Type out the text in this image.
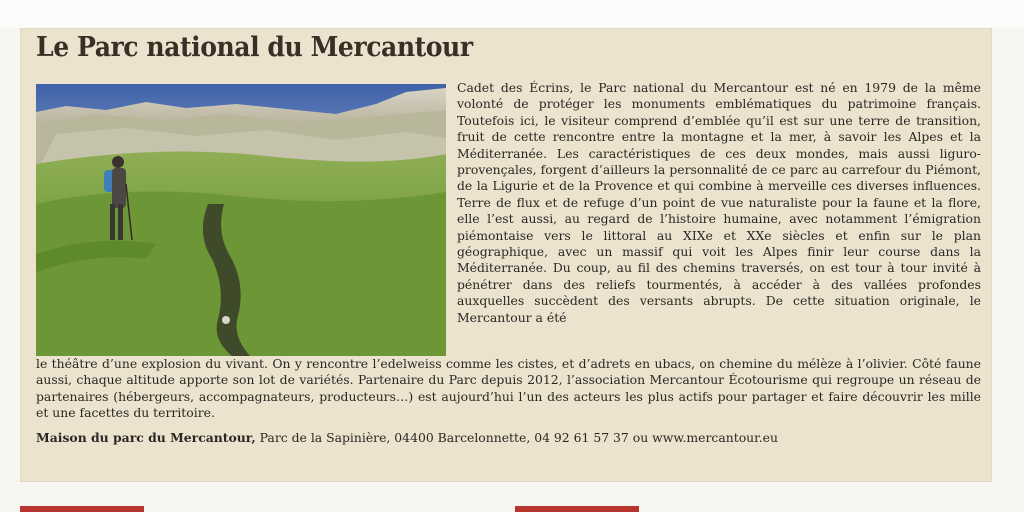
Le Parc national du Mercantour

Cadet des Écrins, le Parc national du Mercantour est né en 1979 de la même volonté de protéger les monuments emblématiques du patrimoine français. Toutefois ici, le visiteur comprend d’emblée qu’il est sur une terre de transition, fruit de cette rencontre entre la montagne et la mer, à savoir les Alpes et la Méditerranée. Les caractéristiques de ces deux mondes, mais aussi liguro-provençales, forgent d’ailleurs la personnalité de ce parc au carrefour du Piémont, de la Ligurie et de la Provence et qui combine à merveille ces diverses influences. Terre de flux et de refuge d’un point de vue naturaliste pour la faune et la flore, elle l’est aussi, au regard de l’histoire humaine, avec notamment l’émigration piémontaise vers le littoral au XIXe et XXe siècles et enfin sur le plan géographique, avec un massif qui voit les Alpes finir leur course dans la Méditerranée. Du coup, au fil des chemins traversés, on est tour à tour invité à pénétrer dans des reliefs tourmentés, à accéder à des vallées profondes auxquelles succèdent des versants abrupts. De cette situation originale, le Mercantour a été

le théâtre d’une explosion du vivant. On y rencontre l’edelweiss comme les cistes, et d’adrets en ubacs, on chemine du mélèze à l’olivier. Côté faune aussi, chaque altitude apporte son lot de variétés. Partenaire du Parc depuis 2012, l’association Mercantour Écotourisme qui regroupe un réseau de partenaires (hébergeurs, accompagnateurs, producteurs…) est aujourd’hui l’un des acteurs les plus actifs pour partager et faire découvrir les mille et une facettes du territoire.

Maison du parc du Mercantour, Parc de la Sapinière, 04400 Barcelonnette, 04 92 61 57 37 ou www.mercantour.eu
